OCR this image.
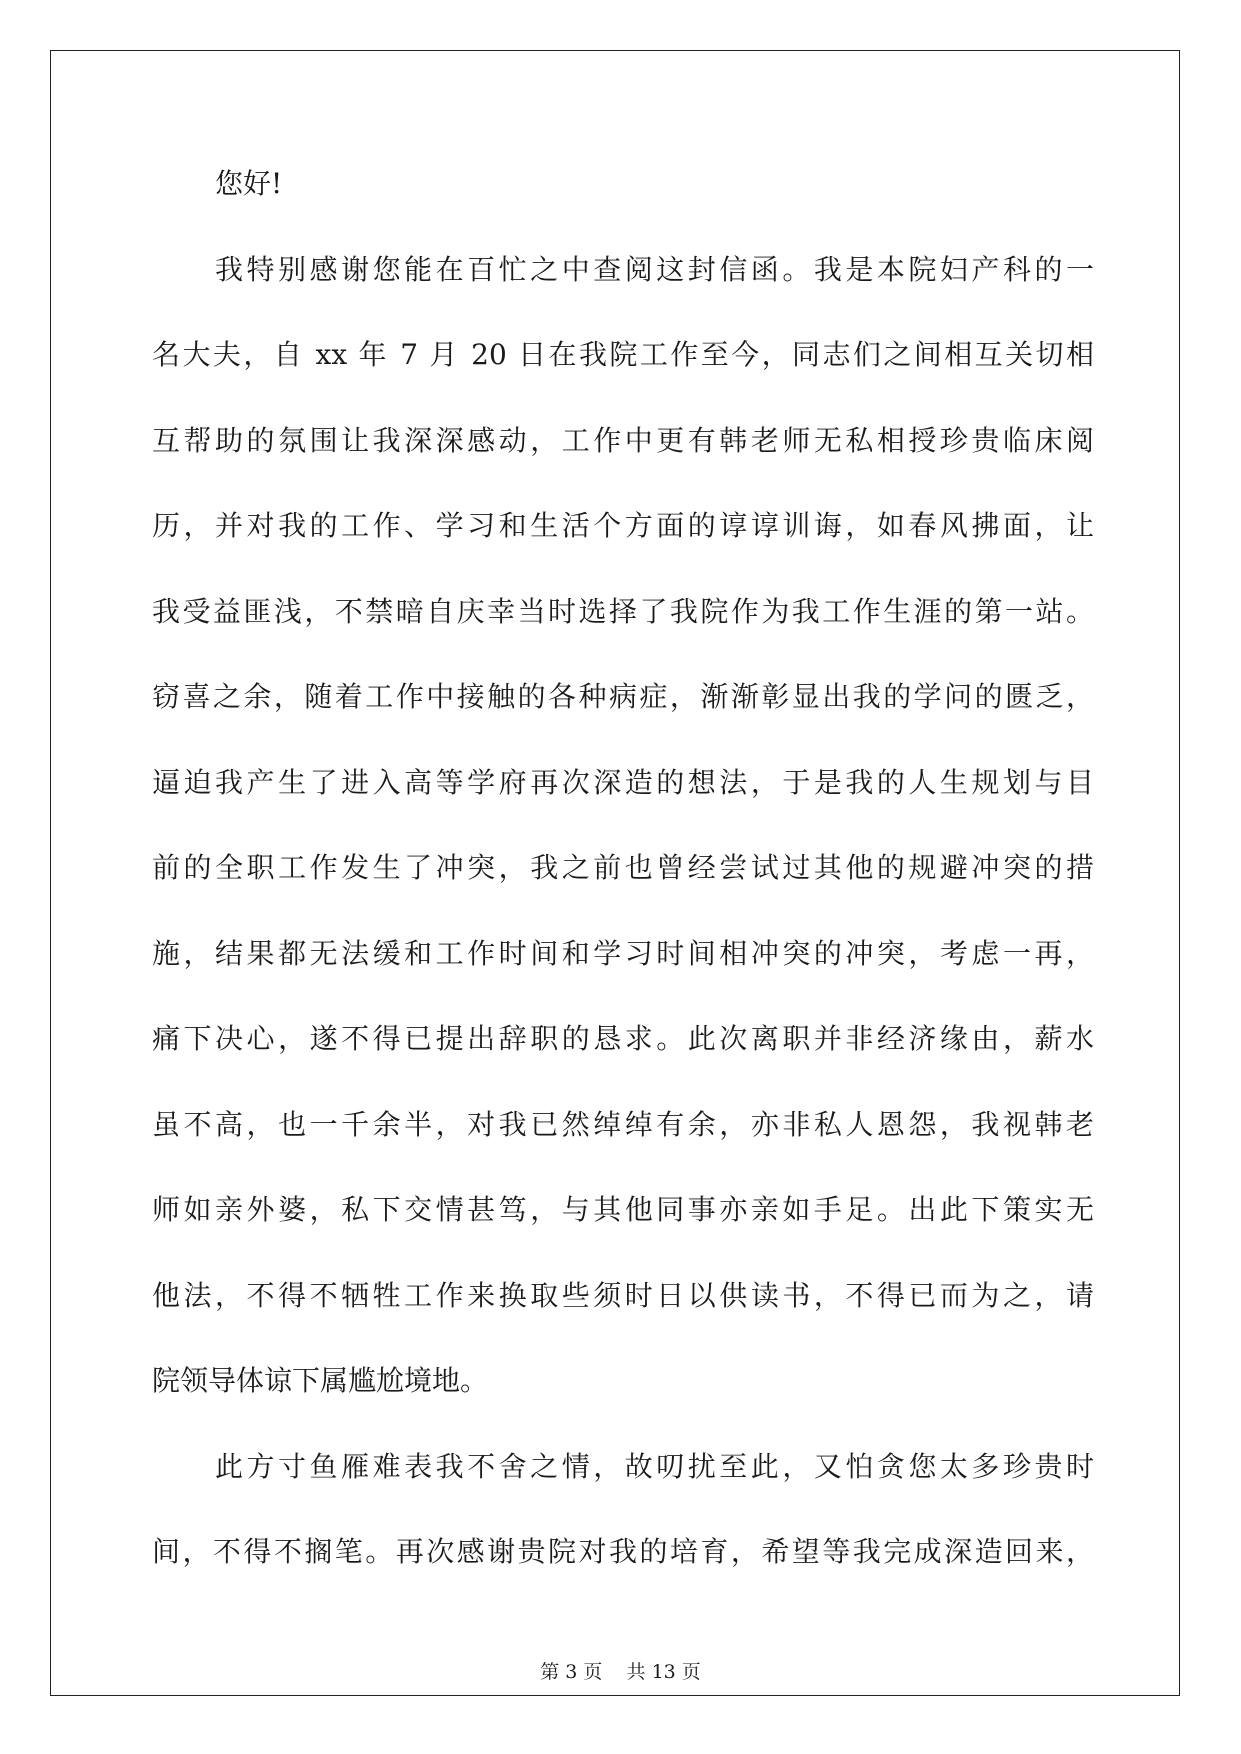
您好!
我特别感谢您能在百忙之中查阅这封信函。我是本院妇产科的一
名大夫，自 xx 年 7 月 20 日在我院工作至今，同志们之间相互关切相
互帮助的氛围让我深深感动，工作中更有韩老师无私相授珍贵临床阅
历，并对我的工作、学习和生活个方面的谆谆训诲，如春风拂面，让
我受益匪浅，不禁暗自庆幸当时选择了我院作为我工作生涯的第一站。
窃喜之余，随着工作中接触的各种病症，渐渐彰显出我的学问的匮乏，
逼迫我产生了进入高等学府再次深造的想法，于是我的人生规划与目
前的全职工作发生了冲突，我之前也曾经尝试过其他的规避冲突的措
施，结果都无法缓和工作时间和学习时间相冲突的冲突，考虑一再，
痛下决心，遂不得已提出辞职的恳求。此次离职并非经济缘由，薪水
虽不高，也一千余半，对我已然绰绰有余，亦非私人恩怨，我视韩老
师如亲外婆，私下交情甚笃，与其他同事亦亲如手足。出此下策实无
他法，不得不牺牲工作来换取些须时日以供读书，不得已而为之，请
院领导体谅下属尴尬境地。
此方寸鱼雁难表我不舍之情，故叨扰至此，又怕贪您太多珍贵时
间，不得不搁笔。再次感谢贵院对我的培育，希望等我完成深造回来，
第 3 页    共 13 页
